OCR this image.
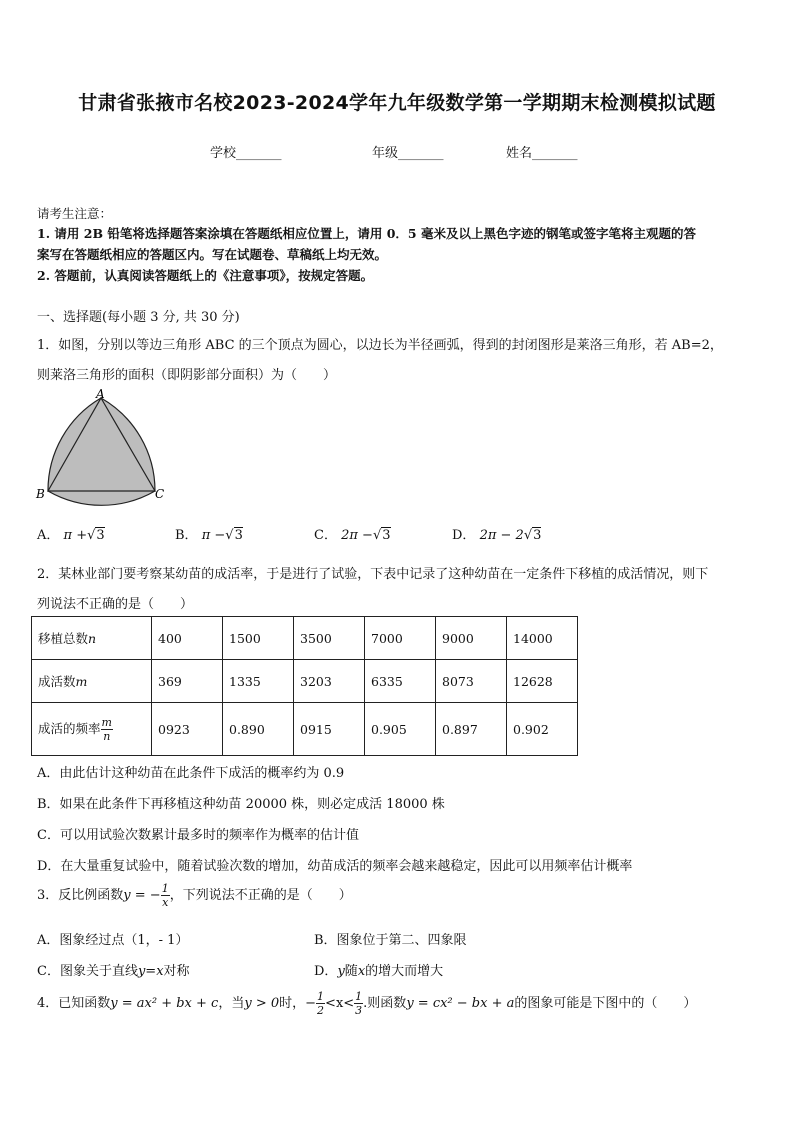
甘肃省张掖市名校2023-2024学年九年级数学第一学期期末检测模拟试题
学校_______	年级_______	姓名_______
请考生注意：
1. 请用 2B 铅笔将选择题答案涂填在答题纸相应位置上，请用 0．5 毫米及以上黑色字迹的钢笔或签字笔将主观题的答
案写在答题纸相应的答题区内。写在试题卷、草稿纸上均无效。
2. 答题前，认真阅读答题纸上的《注意事项》，按规定答题。
一、选择题(每小题 3 分, 共 30 分)
1．如图，分别以等边三角形 ABC 的三个顶点为圆心，以边长为半径画弧，得到的封闭图形是莱洛三角形，若 AB=2，
则莱洛三角形的面积（即阴影部分面积）为（　　）
A
B	C
A． π +√3	B． π −√3	C． 2π −√3	D． 2π − 2√3
2．某林业部门要考察某幼苗的成活率，于是进行了试验，下表中记录了这种幼苗在一定条件下移植的成活情况，则下
列说法不正确的是（　　）
移植总数n	400	1500	3500	7000	9000	14000
成活数m	369	1335	3203	6335	8073	12628
成活的频率 $\frac{m}{n}$	0923	0.890	0915	0.905	0.897	0.902
A．由此估计这种幼苗在此条件下成活的概率约为 0.9
B．如果在此条件下再移植这种幼苗 20000 株，则必定成活 18000 株
C．可以用试验次数累计最多时的频率作为概率的估计值
D．在大量重复试验中，随着试验次数的增加，幼苗成活的频率会越来越稳定，因此可以用频率估计概率
3．反比例函数y = − $\frac{1}{x}$ ，下列说法不正确的是（　　）
A．图象经过点（1，- 1）	B．图象位于第二、四象限
C．图象关于直线y=x对称	D．y随x的增大而增大
4．已知函数y = ax² + bx + c，当y > 0时，− $\frac{1}{2} <x< \frac{1}{3}$ .则函数y = cx² − bx + a的图象可能是下图中的（　　）
